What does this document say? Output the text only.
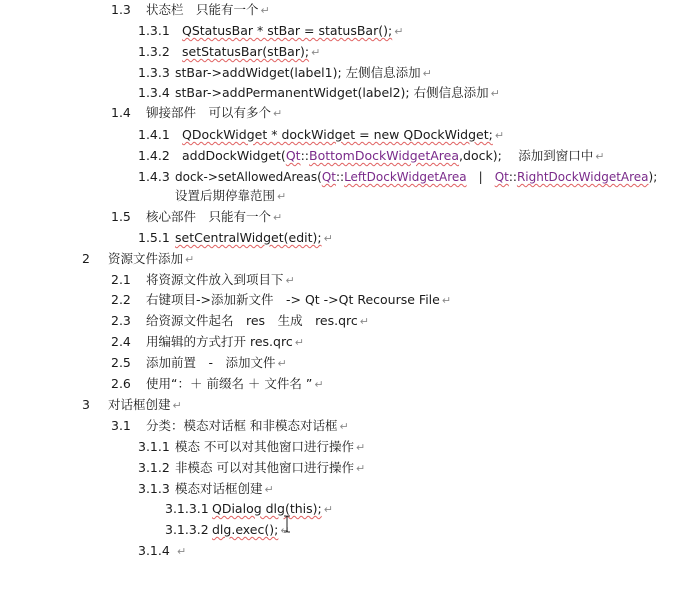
1.3 状态栏　只能有一个 ↵
1.3.1 QStatusBar * stBar = statusBar(); ↵
1.3.2 setStatusBar(stBar); ↵
1.3.3 stBar->addWidget(label1); 左侧信息添加 ↵
1.3.4 stBar->addPermanentWidget(label2); 右侧信息添加 ↵
1.4 铆接部件　可以有多个 ↵
1.4.1 QDockWidget * dockWidget = new QDockWidget; ↵
1.4.2 addDockWidget(Qt::BottomDockWidgetArea,dock);　 添加到窗口中 ↵
1.4.3 dock->setAllowedAreas(Qt::LeftDockWidgetArea　|　Qt::RightDockWidgetArea);
设置后期停靠范围 ↵
1.5 核心部件　只能有一个 ↵
1.5.1 setCentralWidget(edit); ↵
2 资源文件添加 ↵
2.1 将资源文件放入到项目下 ↵
2.2 右键项目->添加新文件　-> Qt ->Qt Recourse File ↵
2.3 给资源文件起名　res　生成　res.qrc ↵
2.4 用编辑的方式打开 res.qrc ↵
2.5 添加前置　-　添加文件 ↵
2.6 使用“：＋ 前缀名 ＋ 文件名 ” ↵
3 对话框创建 ↵
3.1 分类：模态对话框 和非模态对话框 ↵
3.1.1 模态 不可以对其他窗口进行操作 ↵
3.1.2 非模态 可以对其他窗口进行操作 ↵
3.1.3 模态对话框创建 ↵
3.1.3.1 QDialog dlg(this); ↵
3.1.3.2 dlg.exec(); ↵
3.1.4 ↵
